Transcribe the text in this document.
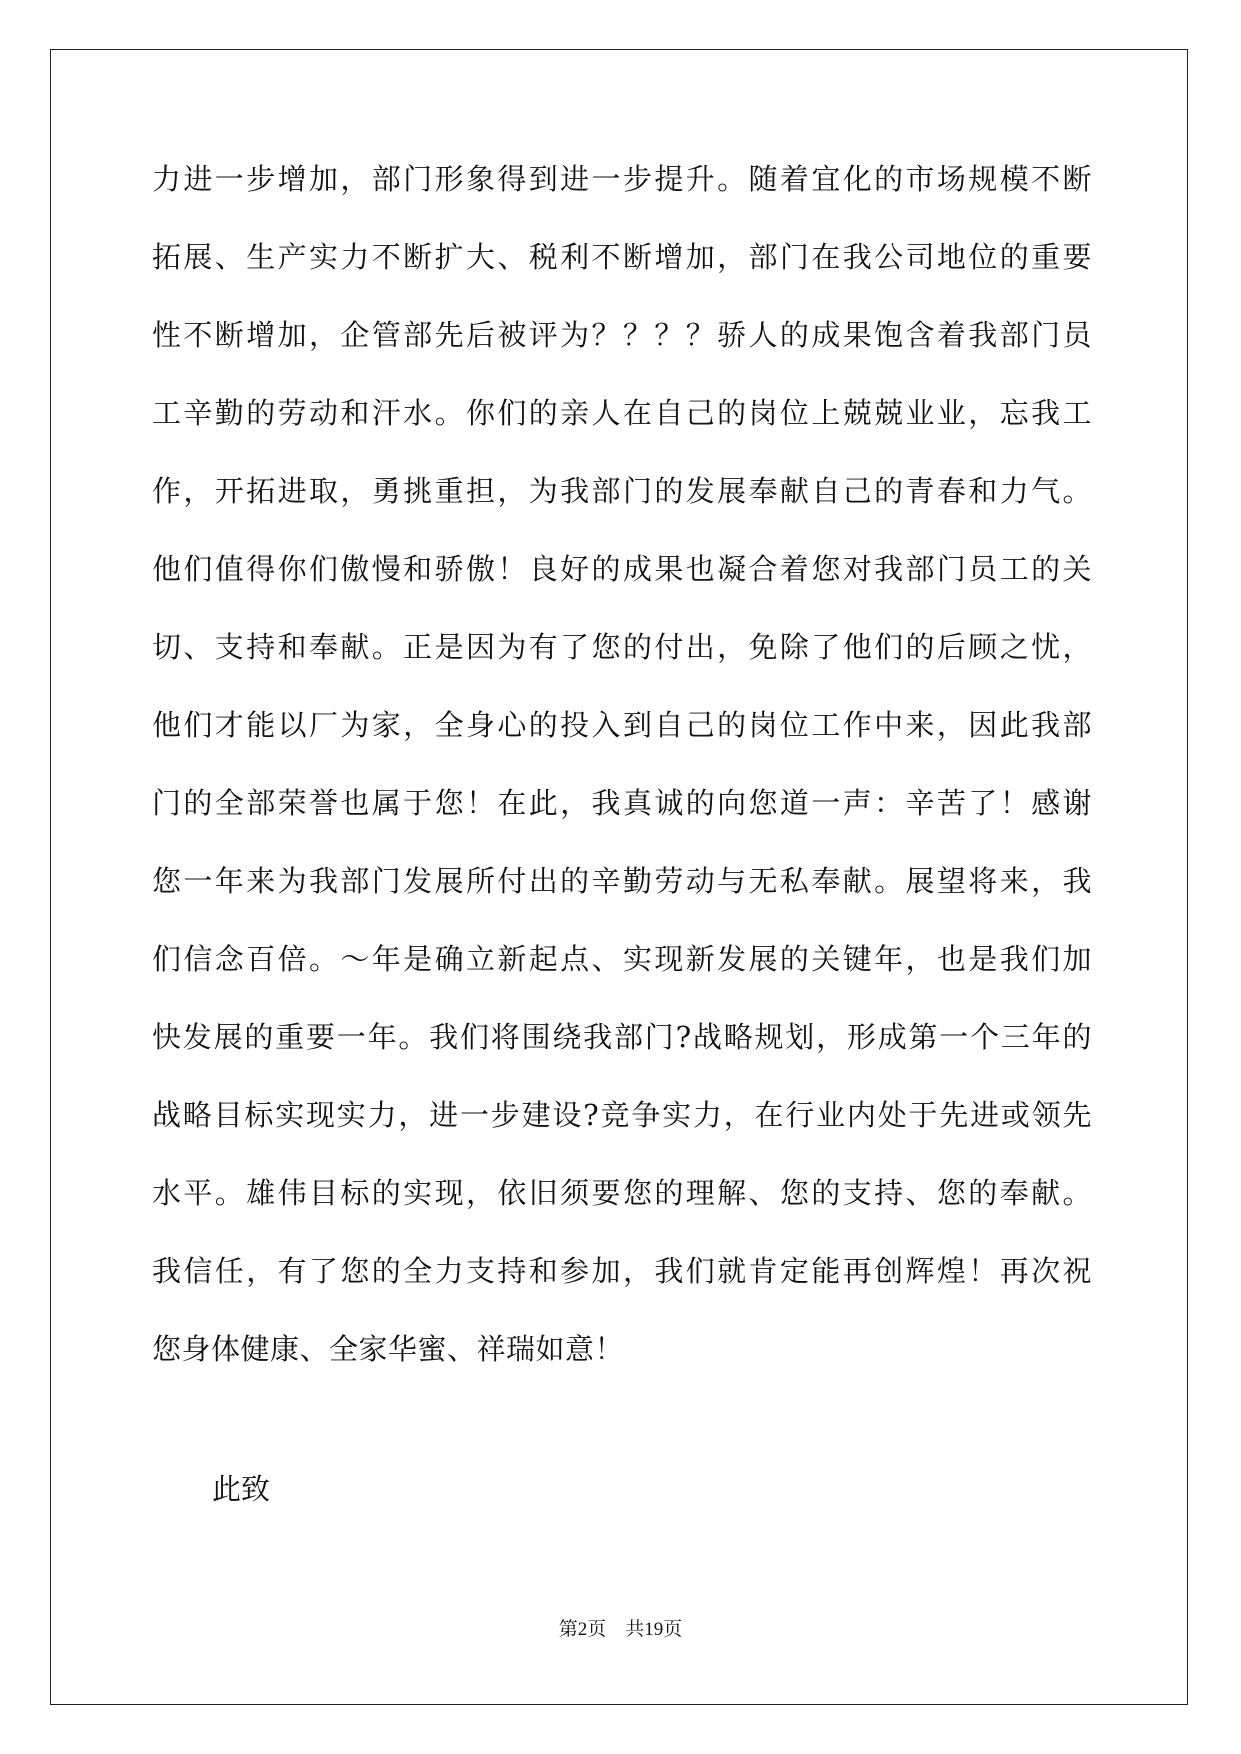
力进一步增加，部门形象得到进一步提升。随着宜化的市场规模不断
拓展、生产实力不断扩大、税利不断增加，部门在我公司地位的重要
性不断增加，企管部先后被评为？？？？骄人的成果饱含着我部门员
工辛勤的劳动和汗水。你们的亲人在自己的岗位上兢兢业业，忘我工
作，开拓进取，勇挑重担，为我部门的发展奉献自己的青春和力气。
他们值得你们傲慢和骄傲！良好的成果也凝合着您对我部门员工的关
切、支持和奉献。正是因为有了您的付出，免除了他们的后顾之忧，
他们才能以厂为家，全身心的投入到自己的岗位工作中来，因此我部
门的全部荣誉也属于您！在此，我真诚的向您道一声：辛苦了！感谢
您一年来为我部门发展所付出的辛勤劳动与无私奉献。展望将来，我
们信念百倍。～年是确立新起点、实现新发展的关键年，也是我们加
快发展的重要一年。我们将围绕我部门?战略规划，形成第一个三年的
战略目标实现实力，进一步建设?竞争实力，在行业内处于先进或领先
水平。雄伟目标的实现，依旧须要您的理解、您的支持、您的奉献。
我信任，有了您的全力支持和参加，我们就肯定能再创辉煌！再次祝
您身体健康、全家华蜜、祥瑞如意！
此致
第2页　共19页
